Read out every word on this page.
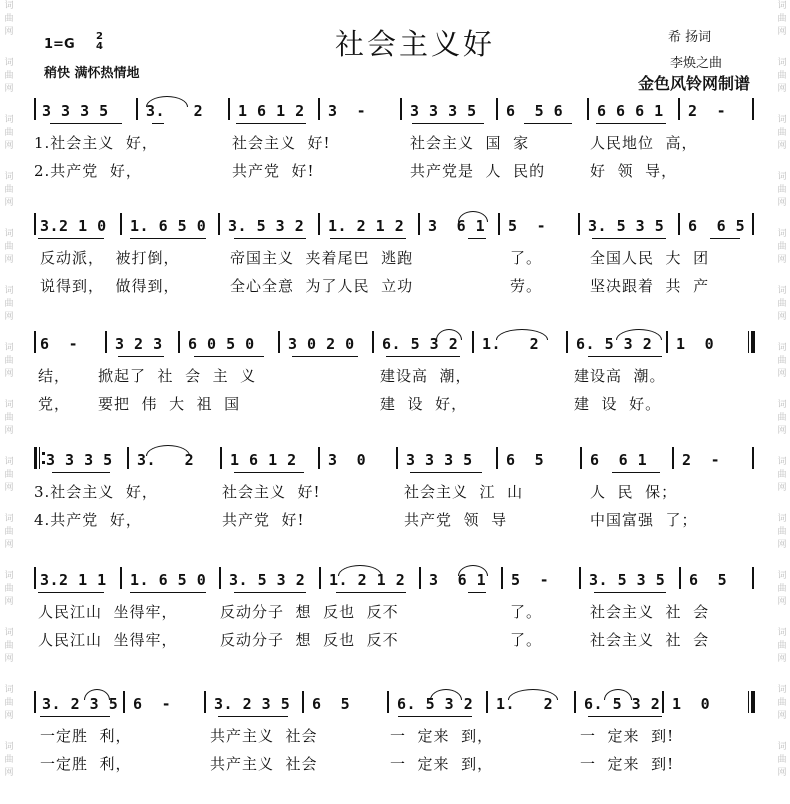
词
曲
网
词
曲
网
词
曲
网
词
曲
网
词
曲
网
词
曲
网
词
曲
网
词
曲
网
词
曲
网
词
曲
网
词
曲
网
词
曲
网
词
曲
网
词
曲
网
词
曲
网
词
曲
网
词
曲
网
词
曲
网
词
曲
网
词
曲
网
词
曲
网
词
曲
网
词
曲
网
词
曲
网
词
曲
网
词
曲
网
词
曲
网
词
曲
网
1=G
2
4
稍快 满怀热情地
社会主义好	希 扬词
李焕之曲
金色风铃网制谱
3 3 3 5 3.   2 1 6 1 2 3  -	3 3 3 5 6  5 6 6 6 6 1 2  -
1.社会主义  好，	社会主义  好!	社会主义  国  家	人民地位  高，
2.共产党  好，	共产党  好!	共产党是  人  民的	好  领  导，
3.2 1 0 1. 6 5 0 3. 5 3 2 1. 2 1 2 3  6 1 5  -	3. 5 3 5 6  6 5
反动派，  被打倒，	帝国主义  夹着尾巴  逃跑	了。	全国人民  大  团
说得到，  做得到，	全心全意  为了人民  立功	劳。	坚决跟着  共  产
6  - 3 2 3 6 0 5 0 3 0 2 0 6. 5 3 2 1.   2 6. 5 3 2 1  0
结， 掀起了  社  会  主  义	建设高  潮，	建设高  潮。
党， 要把  伟  大  祖  国	建  设  好，	建  设  好。
3 3 3 5 3.   2 1 6 1 2 3  0	3 3 3 5 6  5	6  6 1 2  -
3.社会主义  好，	社会主义  好!	社会主义  江  山	人  民  保；
4.共产党  好，	共产党  好!	共产党  领  导	中国富强  了；
3.2 1 1 1. 6 5 0 3. 5 3 2 1. 2 1 2 3  6 1 5  -	3. 5 3 5 6  5
人民江山  坐得牢，	反动分子  想  反也  反不	了。	社会主义  社  会
人民江山  坐得牢，	反动分子  想  反也  反不	了。	社会主义  社  会
3. 2 3 5 6  -	3. 2 3 5 6  5	6. 5 3 2 1.   2 6. 5 3 2 1  0
一定胜  利，	共产主义  社会	一  定来  到，	一  定来  到!
一定胜  利，	共产主义  社会	一  定来  到，	一  定来  到!
